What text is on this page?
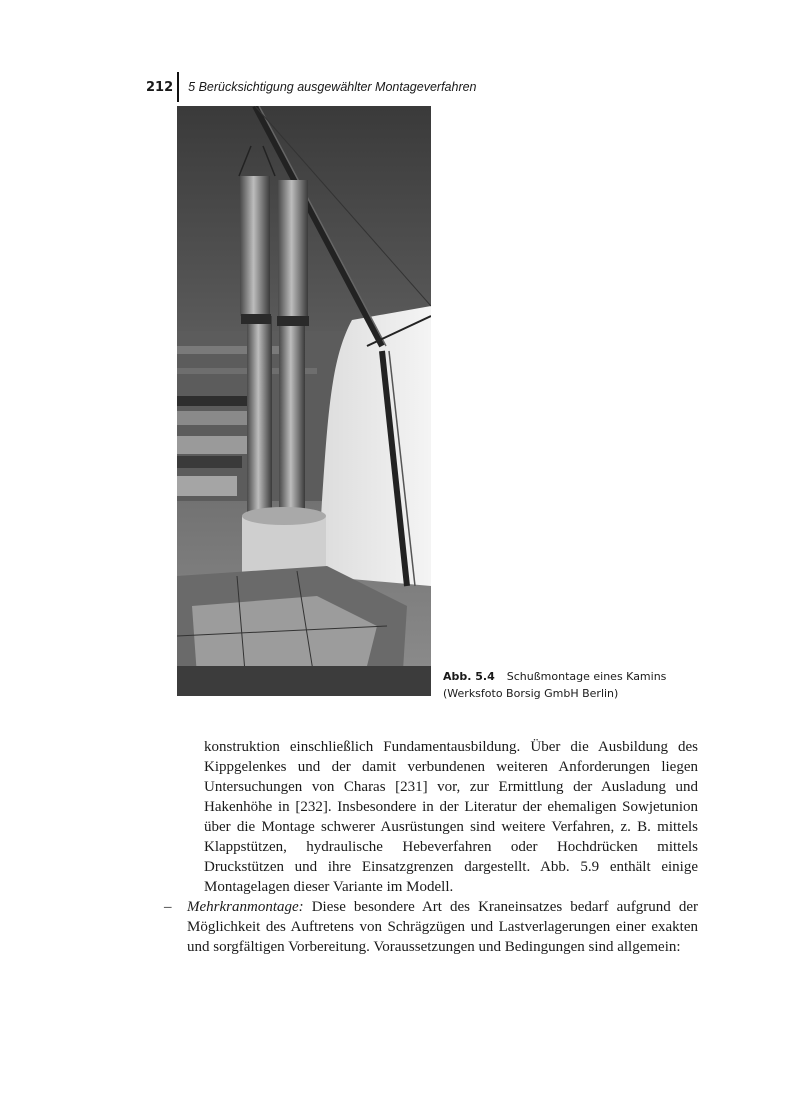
212 5 Berücksichtigung ausgewählter Montageverfahren
Abb. 5.4 Schußmontage eines Kamins
(Werksfoto Borsig GmbH Berlin)

konstruktion einschließlich Fundamentausbildung. Über die Ausbildung des Kippgelenkes und der damit verbundenen weiteren Anforderungen liegen Untersuchungen von Charas [231] vor, zur Ermittlung der Ausladung und Hakenhöhe in [232]. Insbesondere in der Literatur der ehemaligen Sowjetunion über die Montage schwerer Ausrüstungen sind weitere Verfahren, z. B. mittels Klappstützen, hydraulische Hebeverfahren oder Hochdrücken mittels Druckstützen und ihre Einsatzgrenzen dargestellt. Abb. 5.9 enthält einige Montagelagen dieser Variante im Modell.

– Mehrkranmontage: Diese besondere Art des Kraneinsatzes bedarf aufgrund der Möglichkeit des Auftretens von Schrägzügen und Lastverlagerungen einer exakten und sorgfältigen Vorbereitung. Voraussetzungen und Bedingungen sind allgemein:
